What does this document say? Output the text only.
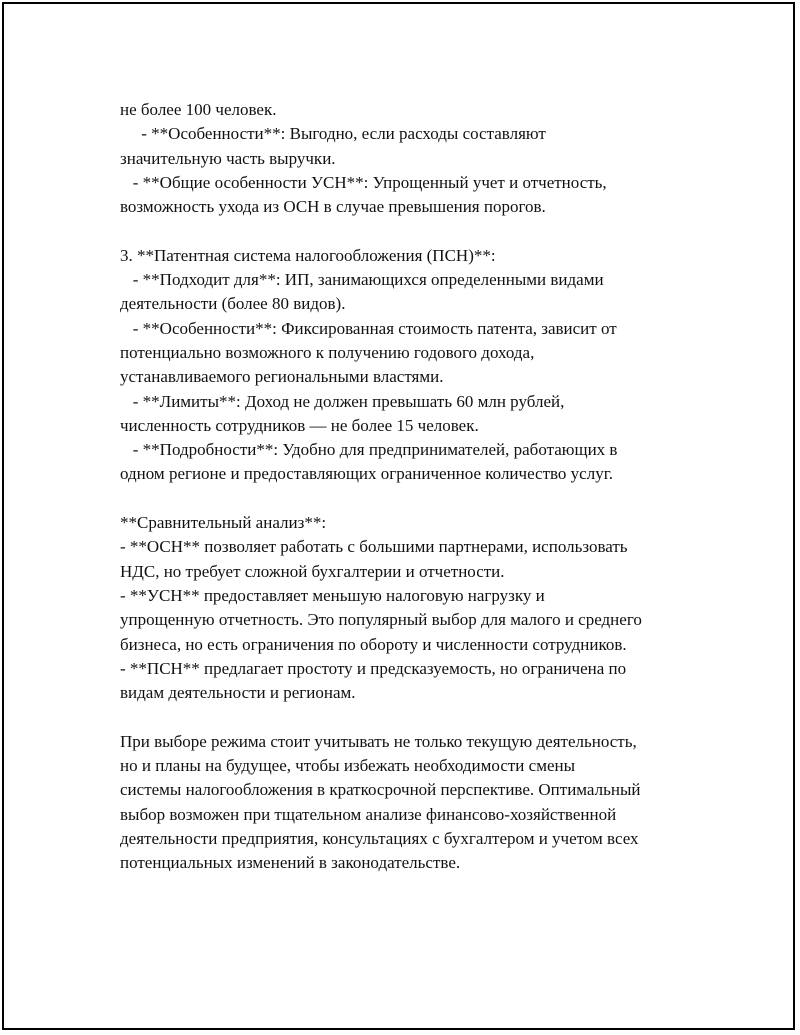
не более 100 человек.
- **Особенности**: Выгодно, если расходы составляют
значительную часть выручки.
- **Общие особенности УСН**: Упрощенный учет и отчетность,
возможность ухода из ОСН в случае превышения порогов.
3. **Патентная система налогообложения (ПСН)**:
- **Подходит для**: ИП, занимающихся определенными видами
деятельности (более 80 видов).
- **Особенности**: Фиксированная стоимость патента, зависит от
потенциально возможного к получению годового дохода,
устанавливаемого региональными властями.
- **Лимиты**: Доход не должен превышать 60 млн рублей,
численность сотрудников — не более 15 человек.
- **Подробности**: Удобно для предпринимателей, работающих в
одном регионе и предоставляющих ограниченное количество услуг.
**Сравнительный анализ**:
- **ОСН** позволяет работать с большими партнерами, использовать
НДС, но требует сложной бухгалтерии и отчетности.
- **УСН** предоставляет меньшую налоговую нагрузку и
упрощенную отчетность. Это популярный выбор для малого и среднего
бизнеса, но есть ограничения по обороту и численности сотрудников.
- **ПСН** предлагает простоту и предсказуемость, но ограничена по
видам деятельности и регионам.
При выборе режима стоит учитывать не только текущую деятельность,
но и планы на будущее, чтобы избежать необходимости смены
системы налогообложения в краткосрочной перспективе. Оптимальный
выбор возможен при тщательном анализе финансово-хозяйственной
деятельности предприятия, консультациях с бухгалтером и учетом всех
потенциальных изменений в законодательстве.
